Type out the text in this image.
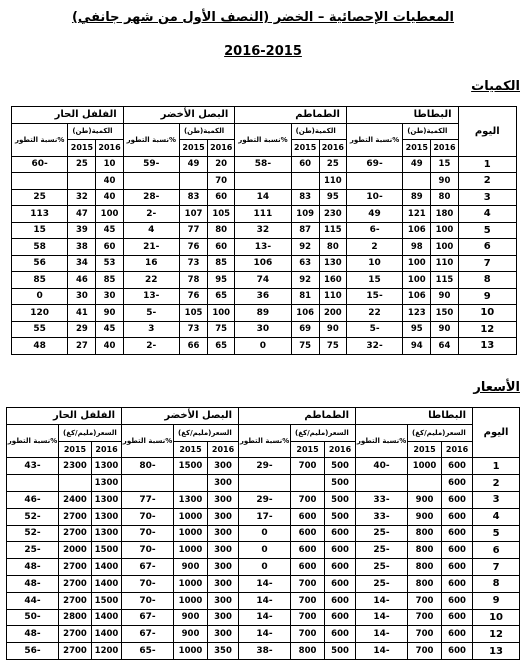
المعطيات الإحصائية – الخضر (النصف الأول من شهر جانفي)
2016-2015
الكميات
الفلفل الحار			البصل الأخضر			الطماطم			البطاطا			اليوم
نسبة التطور%	الكمية(طن)		نسبة التطور%	الكمية(طن)		نسبة التطور%	الكمية(طن)		نسبة التطور%	الكمية(طن)		
	2015	2016		2015	2016		2015	2016		2015	2016	
60-	25	10	59-	49	20	58-	60	25	69-	49	15	1
		40			70			110			90	2
25	32	40	28-	83	60	14	83	95	10-	89	80	3
113	47	100	2-	107	105	111	109	230	49	121	180	4
15	39	45	4	77	80	32	87	115	6-	106	100	5
58	38	60	21-	76	60	13-	92	80	2	98	100	6
56	34	53	16	73	85	106	63	130	10	100	110	7
85	46	85	22	78	95	74	92	160	15	100	115	8
0	30	30	13-	76	65	36	81	110	15-	106	90	9
120	41	90	5-	105	100	89	106	200	22	123	150	10
55	29	45	3	73	75	30	69	90	5-	95	90	12
48	27	40	2-	66	65	0	75	75	32-	94	64	13
الأسعار
الفلفل الحار			البصل الأخضر			الطماطم			البطاطا			اليوم
نسبة التطور%	السعر(مليم/كغ)		نسبة التطور%	السعر(مليم/كغ)		نسبة التطور%	السعر(مليم/كغ)		نسبة التطور%	السعر(مليم/كغ)		
	2015	2016		2015	2016		2015	2016		2015	2016	
43-	2300	1300	80-	1500	300	29-	700	500	40-	1000	600	1
		1300			300			500			600	2
46-	2400	1300	77-	1300	300	29-	700	500	33-	900	600	3
52-	2700	1300	70-	1000	300	17-	600	500	33-	900	600	4
52-	2700	1300	70-	1000	300	0	600	600	25-	800	600	5
25-	2000	1500	70-	1000	300	0	600	600	25-	800	600	6
48-	2700	1400	67-	900	300	0	600	600	25-	800	600	7
48-	2700	1400	70-	1000	300	14-	700	600	25-	800	600	8
44-	2700	1500	70-	1000	300	14-	700	600	14-	700	600	9
50-	2800	1400	67-	900	300	14-	700	600	14-	700	600	10
48-	2700	1400	67-	900	300	14-	700	600	14-	700	600	12
56-	2700	1200	65-	1000	350	38-	800	500	14-	700	600	13
